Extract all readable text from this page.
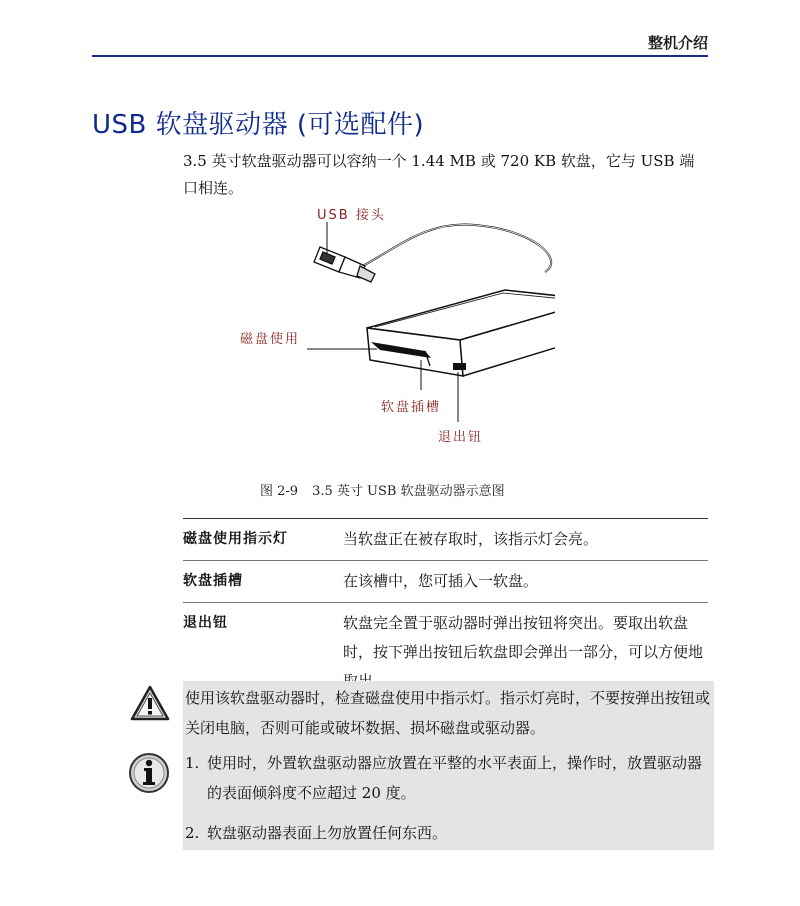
整机介绍
USB 软盘驱动器 (可选配件)
3.5 英寸软盘驱动器可以容纳一个 1.44 MB 或 720 KB 软盘，它与 USB 端口相连。
USB 接头
磁盘使用
软盘插槽
退出钮
图 2-9 3.5 英寸 USB 软盘驱动器示意图
磁盘使用指示灯	当软盘正在被存取时，该指示灯会亮。
软盘插槽	在该槽中，您可插入一软盘。
退出钮	软盘完全置于驱动器时弹出按钮将突出。要取出软盘时，按下弹出按钮后软盘即会弹出一部分，可以方便地
使用该软盘驱动器时，检查磁盘使用中指示灯。指示灯亮时，不要按弹出按钮或关闭电脑，否则可能或破坏数据、损坏磁盘或驱动器。
1. 使用时，外置软盘驱动器应放置在平整的水平表面上，操作时，放置驱动器的表面倾斜度不应超过 20 度。
2. 软盘驱动器表面上勿放置任何东西。
